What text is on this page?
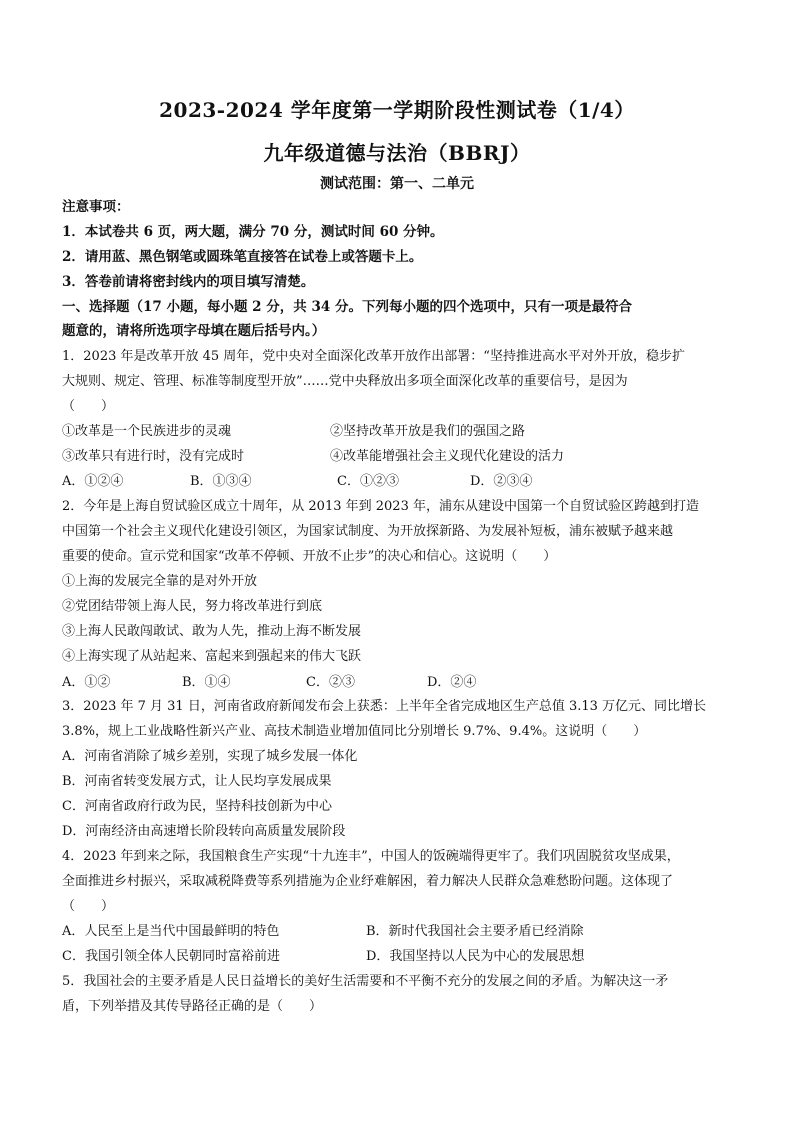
2023-2024 学年度第一学期阶段性测试卷（1/4）
九年级道德与法治（BBRJ）
测试范围：第一、二单元
注意事项：
1．本试卷共 6 页，两大题，满分 70 分，测试时间 60 分钟。
2．请用蓝、黑色钢笔或圆珠笔直接答在试卷上或答题卡上。
3．答卷前请将密封线内的项目填写清楚。
一、选择题（17 小题，每小题 2 分，共 34 分。下列每小题的四个选项中，只有一项是最符合
题意的，请将所选项字母填在题后括号内。）
1．2023 年是改革开放 45 周年，党中央对全面深化改革开放作出部署：“坚持推进高水平对外开放，稳步扩
大规则、规定、管理、标准等制度型开放”……党中央释放出多项全面深化改革的重要信号，是因为
（　　）
①改革是一个民族进步的灵魂	②坚持改革开放是我们的强国之路
③改革只有进行时，没有完成时	④改革能增强社会主义现代化建设的活力
A．①②④	B．①③④	C．①②③	D．②③④
2．今年是上海自贸试验区成立十周年，从 2013 年到 2023 年，浦东从建设中国第一个自贸试验区跨越到打造
中国第一个社会主义现代化建设引领区，为国家试制度、为开放探新路、为发展补短板，浦东被赋予越来越
重要的使命。宣示党和国家“改革不停顿、开放不止步”的决心和信心。这说明（　　）
①上海的发展完全靠的是对外开放
②党团结带领上海人民，努力将改革进行到底
③上海人民敢闯敢试、敢为人先，推动上海不断发展
④上海实现了从站起来、富起来到强起来的伟大飞跃
A．①②	B．①④	C．②③	D．②④
3．2023 年 7 月 31 日，河南省政府新闻发布会上获悉：上半年全省完成地区生产总值 3.13 万亿元、同比增长
3.8%，规上工业战略性新兴产业、高技术制造业增加值同比分别增长 9.7%、9.4%。这说明（　　）
A．河南省消除了城乡差别，实现了城乡发展一体化
B．河南省转变发展方式，让人民均享发展成果
C．河南省政府行政为民，坚持科技创新为中心
D．河南经济由高速增长阶段转向高质量发展阶段
4．2023 年到来之际，我国粮食生产实现“十九连丰”，中国人的饭碗端得更牢了。我们巩固脱贫攻坚成果，
全面推进乡村振兴，采取减税降费等系列措施为企业纾难解困，着力解决人民群众急难愁盼问题。这体现了
（　　）
A．人民至上是当代中国最鲜明的特色	B．新时代我国社会主要矛盾已经消除
C．我国引领全体人民朝同时富裕前进	D．我国坚持以人民为中心的发展思想
5．我国社会的主要矛盾是人民日益增长的美好生活需要和不平衡不充分的发展之间的矛盾。为解决这一矛
盾，下列举措及其传导路径正确的是（　　）
